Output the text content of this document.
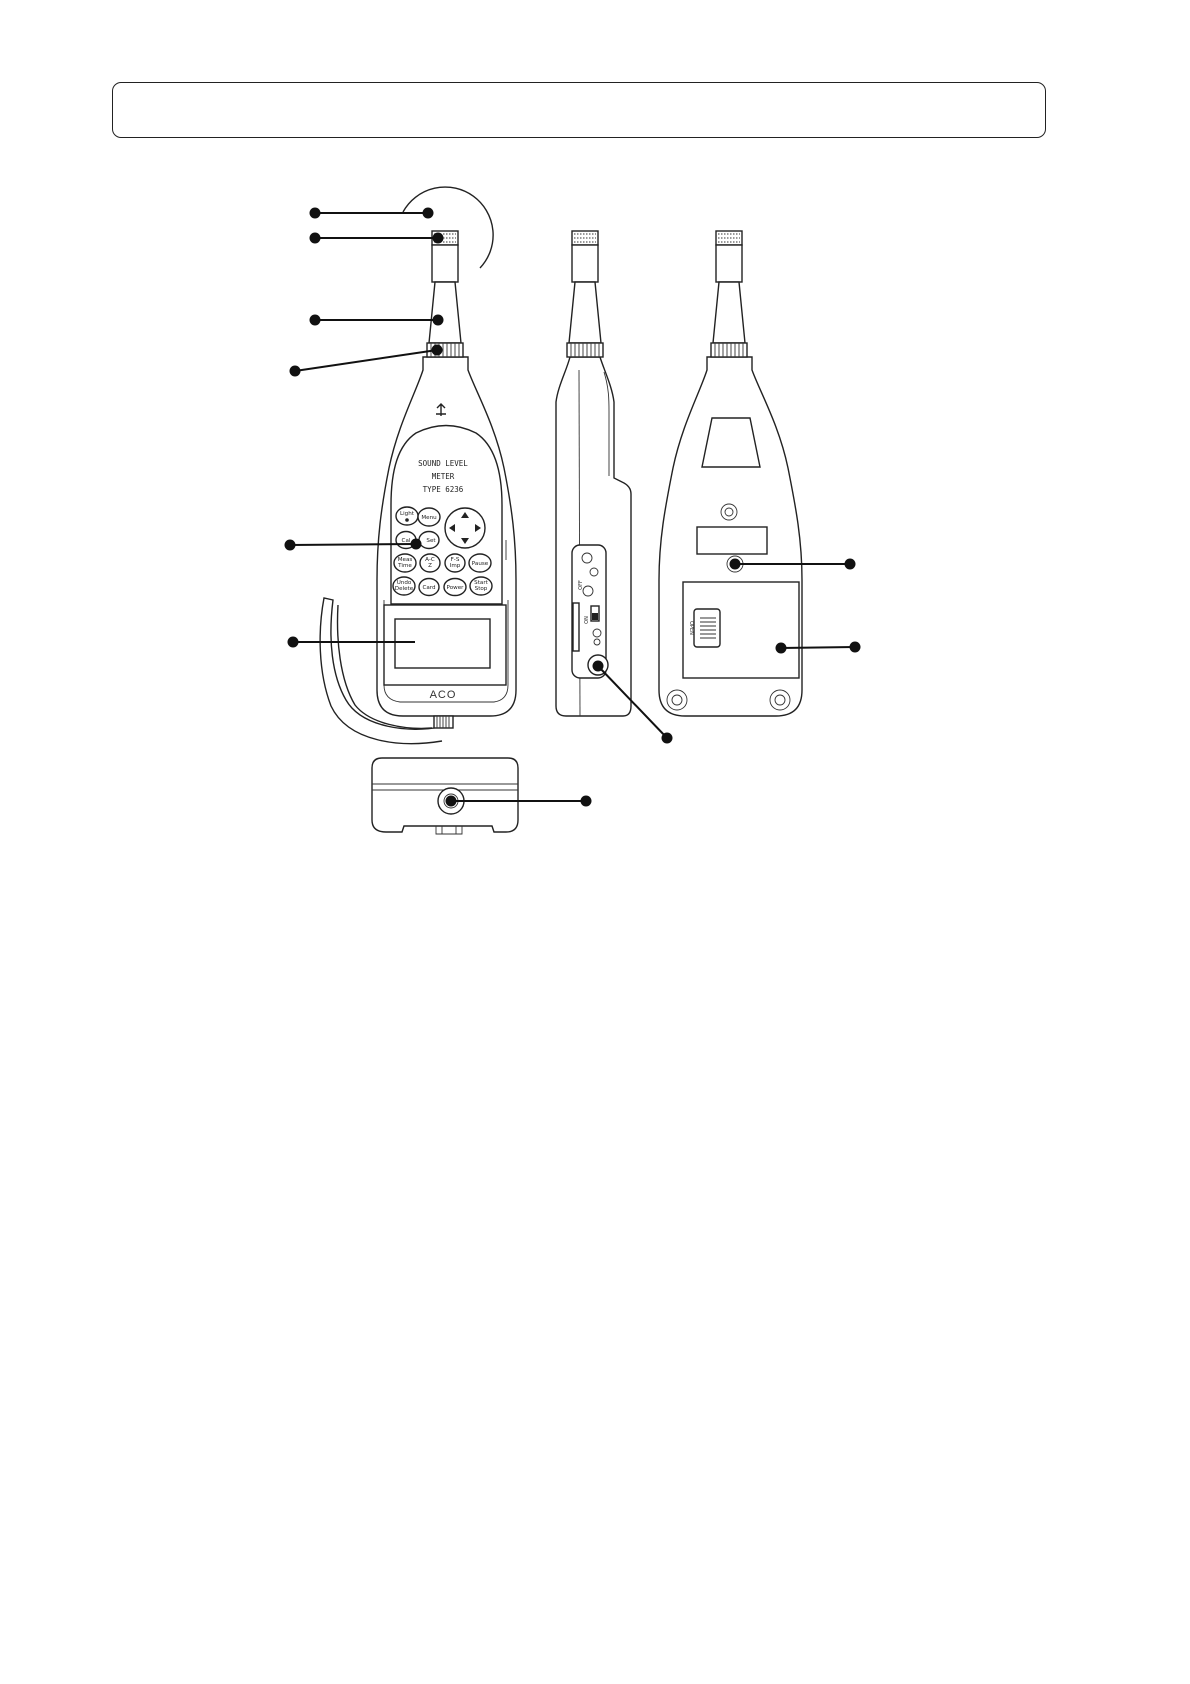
SOUND LEVEL
METER
TYPE 6236
Light
Menu
Cal	Set
Meas
Time
A-C
Z
F-S
Imp Pause
Undo
Delete Card Power
Start
Stop
ACO
OFF
ON
OPEN
